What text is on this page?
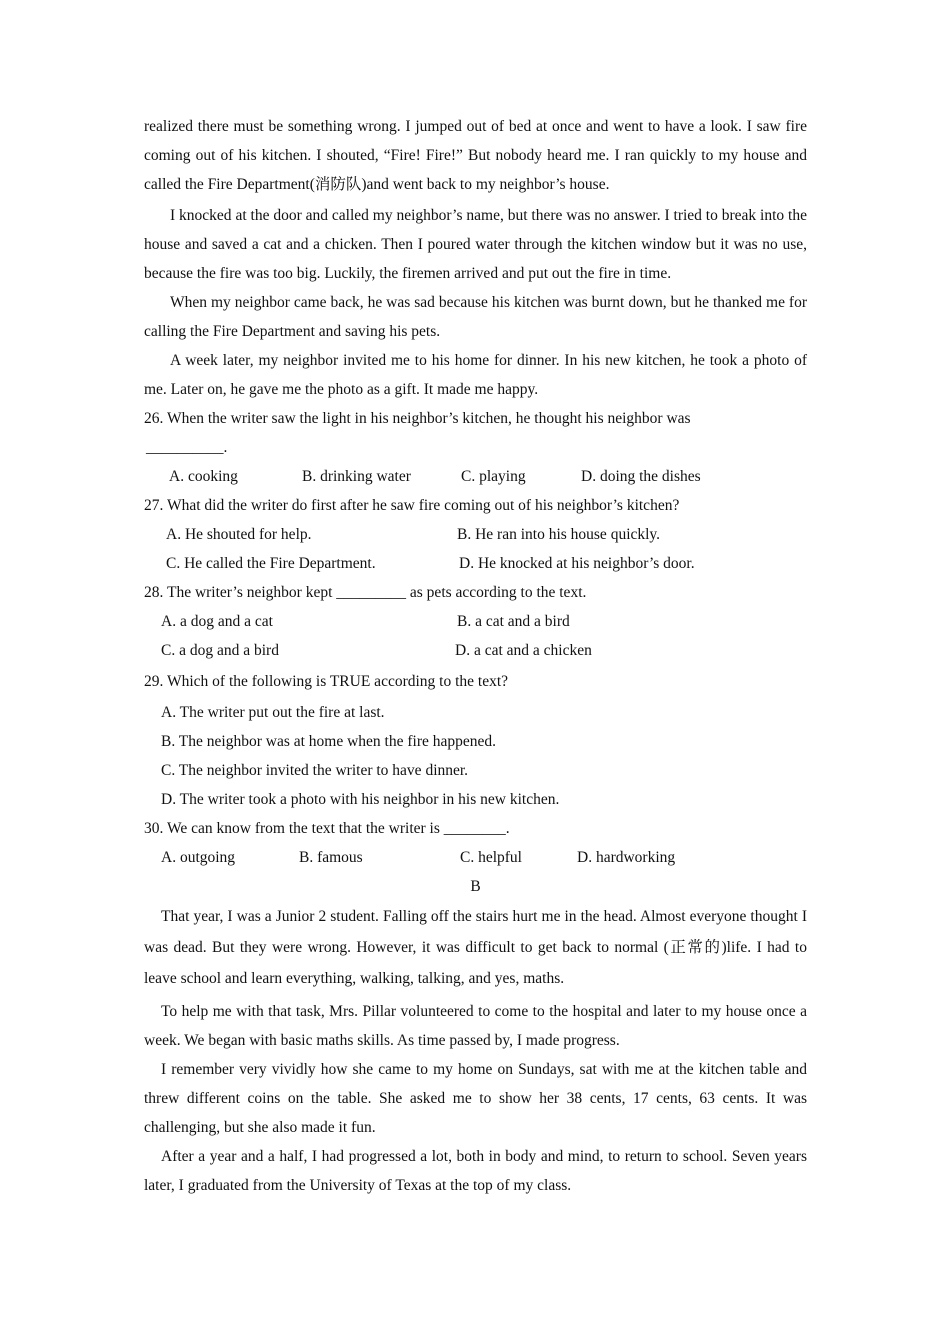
realized there must be something wrong. I jumped out of bed at once and went to have a look. I saw fire coming out of his kitchen. I shouted, “Fire! Fire!” But nobody heard me. I ran quickly to my house and called the Fire Department(消防队)and went back to my neighbor’s house.

I knocked at the door and called my neighbor’s name, but there was no answer. I tried to break into the house and saved a cat and a chicken. Then I poured water through the kitchen window but it was no use, because the fire was too big. Luckily, the firemen arrived and put out the fire in time.

When my neighbor came back, he was sad because his kitchen was burnt down, but he thanked me for calling the Fire Department and saving his pets.

A week later, my neighbor invited me to his home for dinner. In his new kitchen, he took a photo of me. Later on, he gave me the photo as a gift. It made me happy.

26. When the writer saw the light in his neighbor’s kitchen, he thought his neighbor was
__________.
A. cooking	B. drinking water	C. playing	D. doing the dishes
27. What did the writer do first after he saw fire coming out of his neighbor’s kitchen?
A. He shouted for help.	B. He ran into his house quickly.
C. He called the Fire Department.	D. He knocked at his neighbor’s door.
28. The writer’s neighbor kept _________ as pets according to the text.
A. a dog and a cat	B. a cat and a bird
C. a dog and a bird	D. a cat and a chicken
29. Which of the following is TRUE according to the text?
A. The writer put out the fire at last.
B. The neighbor was at home when the fire happened.
C. The neighbor invited the writer to have dinner.
D. The writer took a photo with his neighbor in his new kitchen.
30. We can know from the text that the writer is ________.
A. outgoing	B. famous	C. helpful	D. hardworking
B

That year, I was a Junior 2 student. Falling off the stairs hurt me in the head. Almost everyone thought I was dead. But they were wrong. However, it was difficult to get back to normal (正常的)life. I had to leave school and learn everything, walking, talking, and yes, maths.

To help me with that task, Mrs. Pillar volunteered to come to the hospital and later to my house once a week. We began with basic maths skills. As time passed by, I made progress.

I remember very vividly how she came to my home on Sundays, sat with me at the kitchen table and threw different coins on the table. She asked me to show her 38 cents, 17 cents, 63 cents. It was challenging, but she also made it fun.

After a year and a half, I had progressed a lot, both in body and mind, to return to school. Seven years later, I graduated from the University of Texas at the top of my class.
